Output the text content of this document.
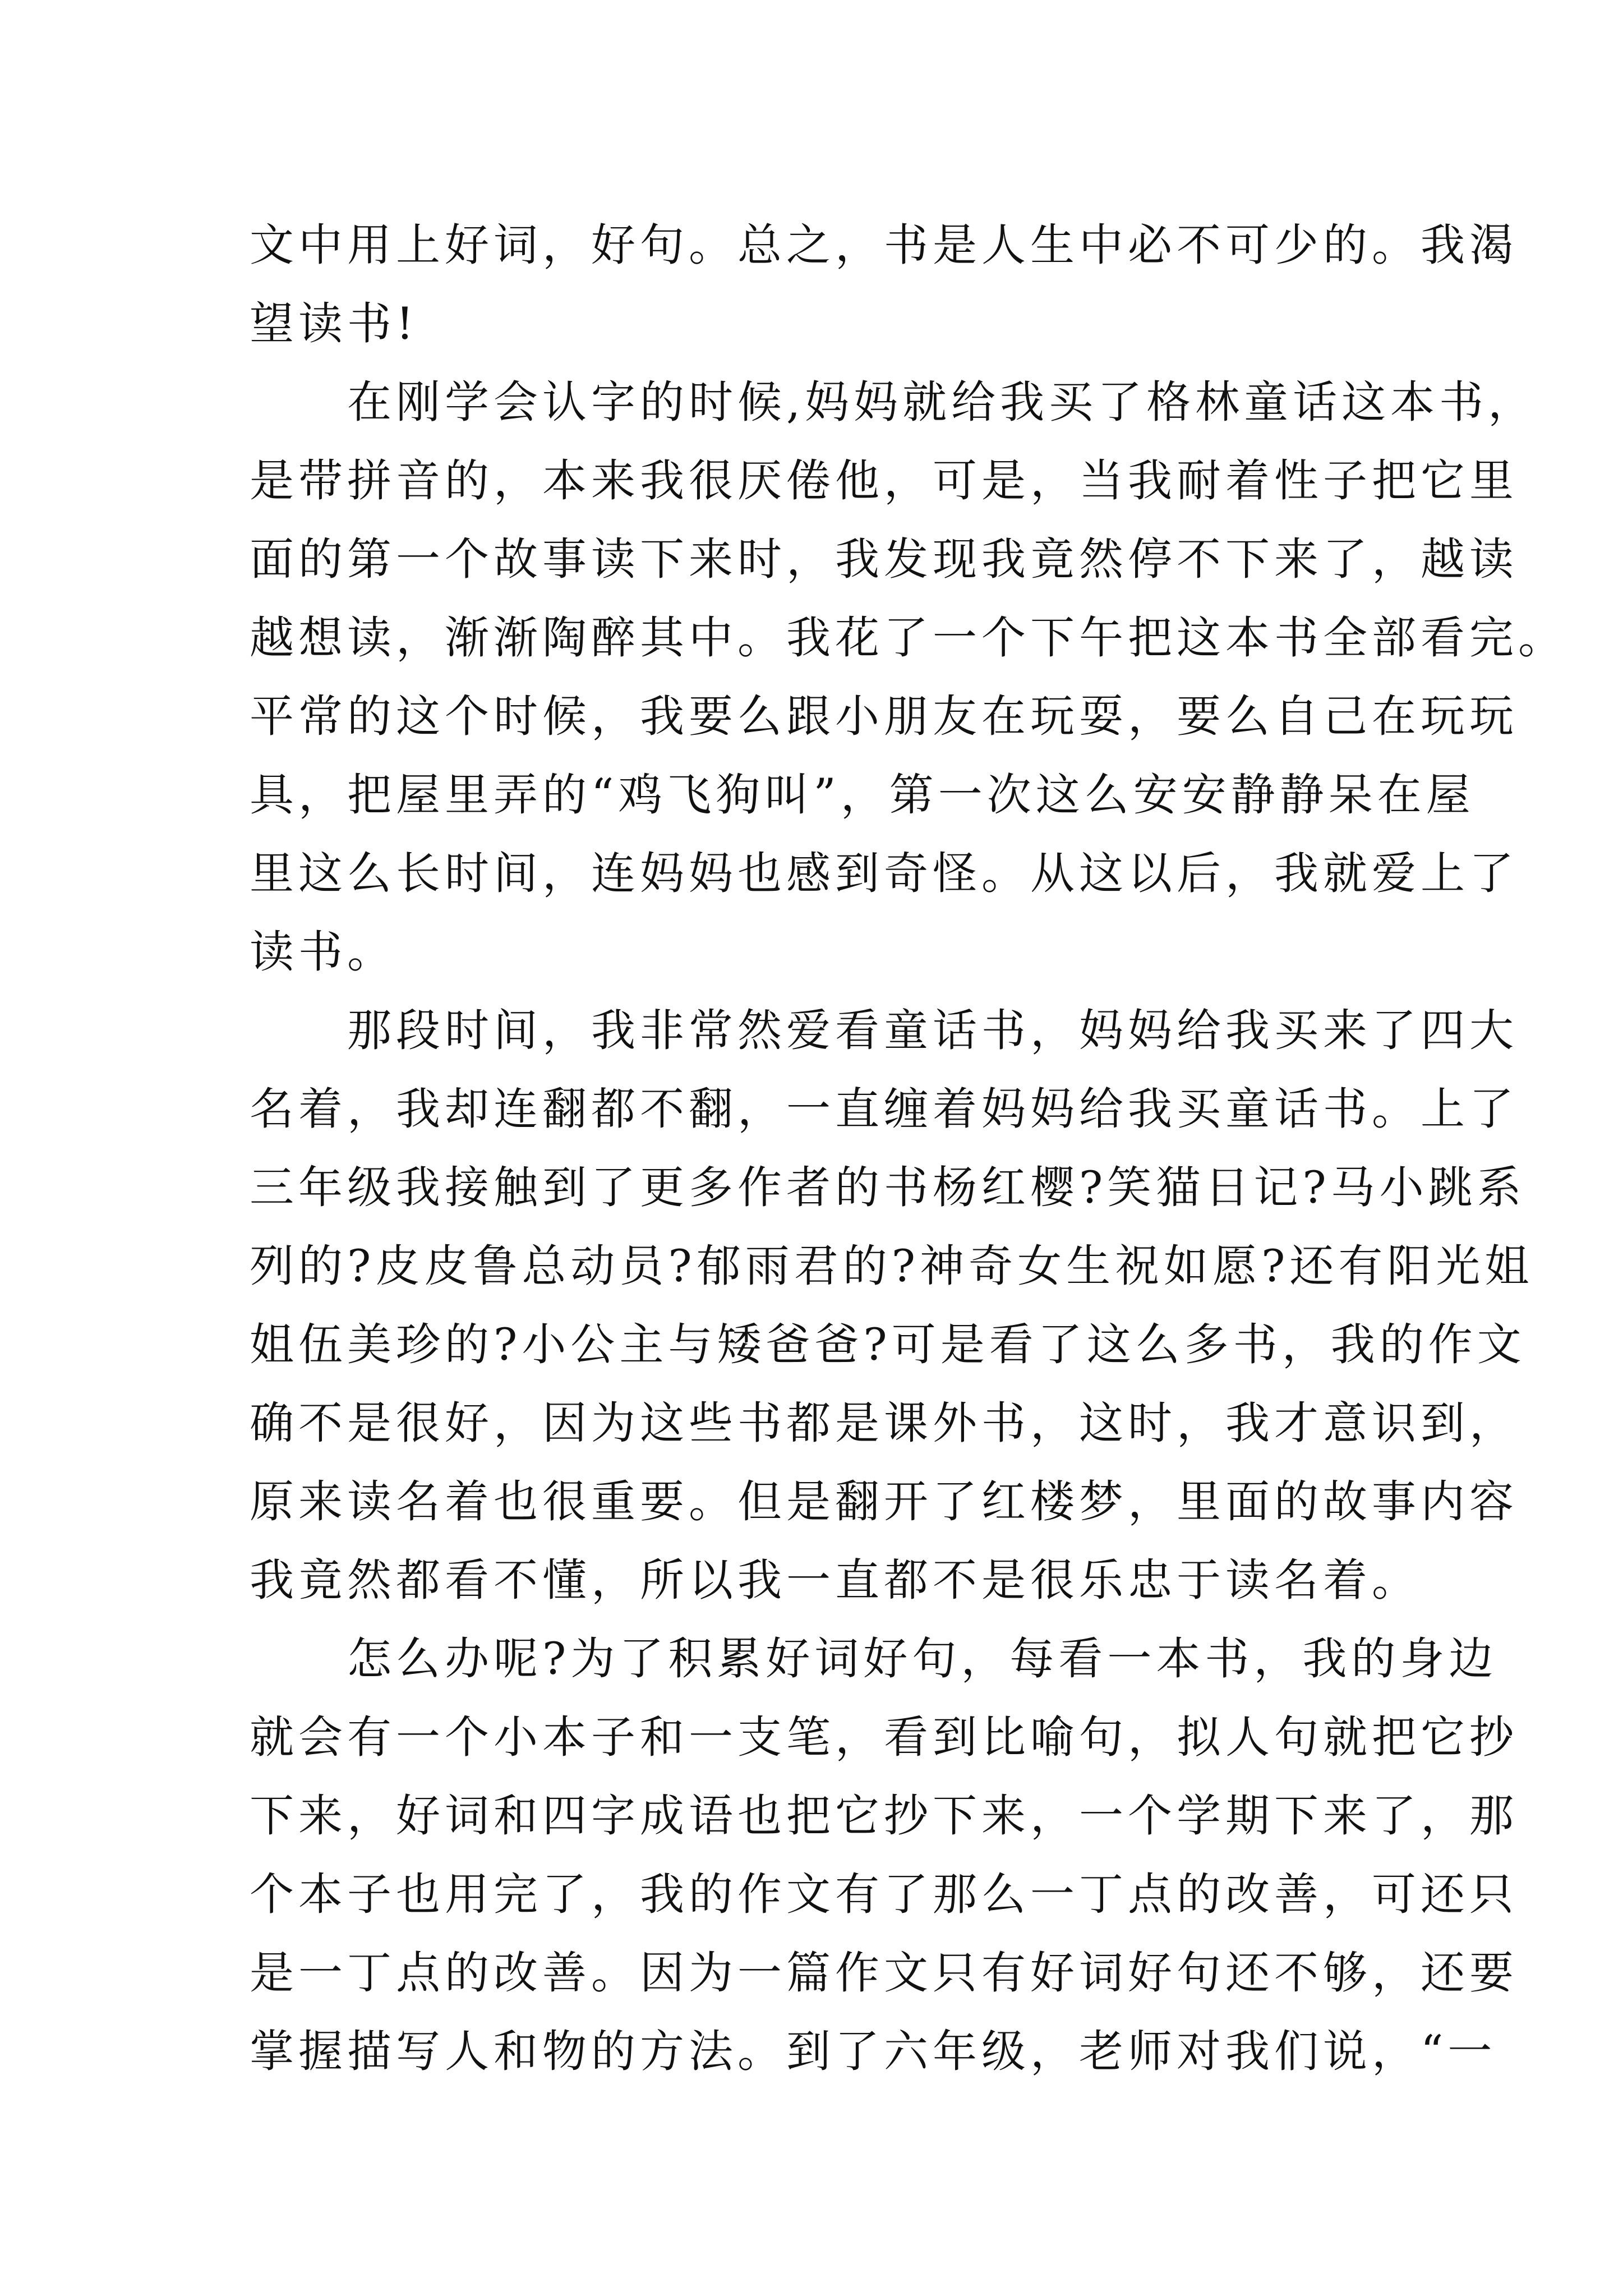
文中用上好词，好句。总之，书是人生中必不可少的。我渴
望读书!
在刚学会认字的时候,妈妈就给我买了格林童话这本书，
是带拼音的，本来我很厌倦他，可是，当我耐着性子把它里
面的第一个故事读下来时，我发现我竟然停不下来了，越读
越想读，渐渐陶醉其中。我花了一个下午把这本书全部看完。
平常的这个时候，我要么跟小朋友在玩耍，要么自己在玩玩
具，把屋里弄的“鸡飞狗叫”，第一次这么安安静静呆在屋
里这么长时间，连妈妈也感到奇怪。从这以后，我就爱上了
读书。
那段时间，我非常然爱看童话书，妈妈给我买来了四大
名着，我却连翻都不翻，一直缠着妈妈给我买童话书。上了
三年级我接触到了更多作者的书杨红樱?笑猫日记?马小跳系
列的?皮皮鲁总动员?郁雨君的?神奇女生祝如愿?还有阳光姐
姐伍美珍的?小公主与矮爸爸?可是看了这么多书，我的作文
确不是很好，因为这些书都是课外书，这时，我才意识到，
原来读名着也很重要。但是翻开了红楼梦，里面的故事内容
我竟然都看不懂，所以我一直都不是很乐忠于读名着。
怎么办呢?为了积累好词好句，每看一本书，我的身边
就会有一个小本子和一支笔，看到比喻句，拟人句就把它抄
下来，好词和四字成语也把它抄下来，一个学期下来了，那
个本子也用完了，我的作文有了那么一丁点的改善，可还只
是一丁点的改善。因为一篇作文只有好词好句还不够，还要
掌握描写人和物的方法。到了六年级，老师对我们说，“一
